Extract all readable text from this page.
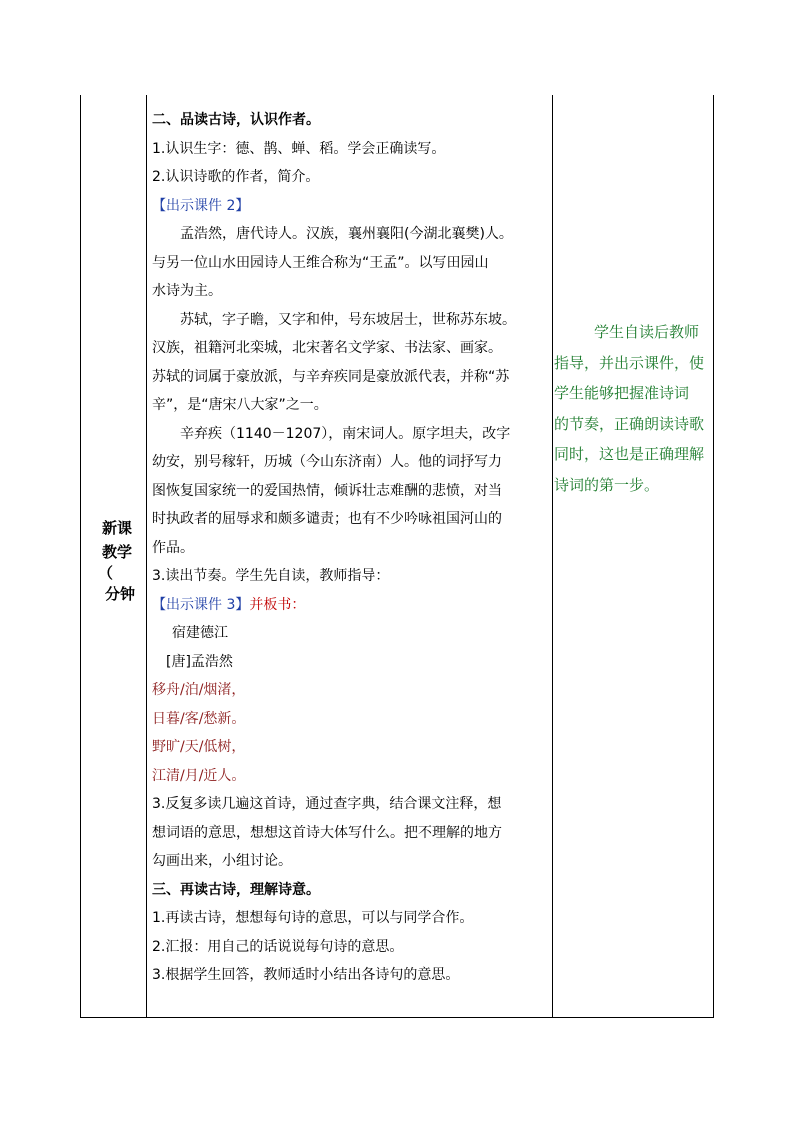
新课
教学
（
分钟
二、品读古诗，认识作者。
1.认识生字：德、鹊、蝉、稻。学会正确读写。
2.认识诗歌的作者，简介。
【出示课件 2】
孟浩然，唐代诗人。汉族，襄州襄阳(今湖北襄樊)人。
与另一位山水田园诗人王维合称为“王孟”。以写田园山
水诗为主。
苏轼，字子瞻，又字和仲，号东坡居士，世称苏东坡。
汉族，祖籍河北栾城，北宋著名文学家、书法家、画家。
苏轼的词属于豪放派，与辛弃疾同是豪放派代表，并称“苏
辛”，是“唐宋八大家”之一。
辛弃疾（1140－1207），南宋词人。原字坦夫，改字
幼安，别号稼轩，历城（今山东济南）人。他的词抒写力
图恢复国家统一的爱国热情，倾诉壮志难酬的悲愤，对当
时执政者的屈辱求和颇多谴责；也有不少吟咏祖国河山的
作品。
3.读出节奏。学生先自读，教师指导：
【出示课件 3】并板书：
宿建德江
[唐]孟浩然
移舟/泊/烟渚，
日暮/客/愁新。
野旷/天/低树，
江清/月/近人。
3.反复多读几遍这首诗，通过查字典，结合课文注释，想
想词语的意思，想想这首诗大体写什么。把不理解的地方
勾画出来，小组讨论。
三、再读古诗，理解诗意。
1.再读古诗，想想每句诗的意思，可以与同学合作。
2.汇报：用自己的话说说每句诗的意思。
3.根据学生回答，教师适时小结出各诗句的意思。
学生自读后教师
指导，并出示课件，使
学生能够把握准诗词
的节奏，正确朗读诗歌
同时，这也是正确理解
诗词的第一步。
